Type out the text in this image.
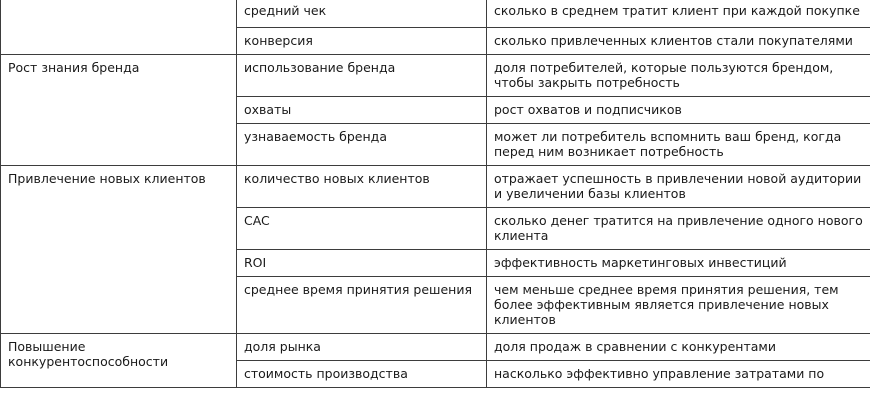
	средний чек	сколько в среднем тратит клиент при каждой покупке
	конверсия	сколько привлеченных клиентов стали покупателями
Рост знания бренда	использование бренда	доля потребителей, которые пользуются брендом, чтобы закрыть потребность
	охваты	рост охватов и подписчиков
	узнаваемость бренда	может ли потребитель вспомнить ваш бренд, когда перед ним возникает потребность
Привлечение новых клиентов	количество новых клиентов	отражает успешность в привлечении новой аудитории и увеличении базы клиентов
	CAC	сколько денег тратится на привлечение одного нового клиента
	ROI	эффективность маркетинговых инвестиций
	среднее время принятия решения	чем меньше среднее время принятия решения, тем более эффективным является привлечение новых клиентов
Повышение конкурентоспособности	доля рынка	доля продаж в сравнении с конкурентами
	стоимость производства	насколько эффективно управление затратами по
